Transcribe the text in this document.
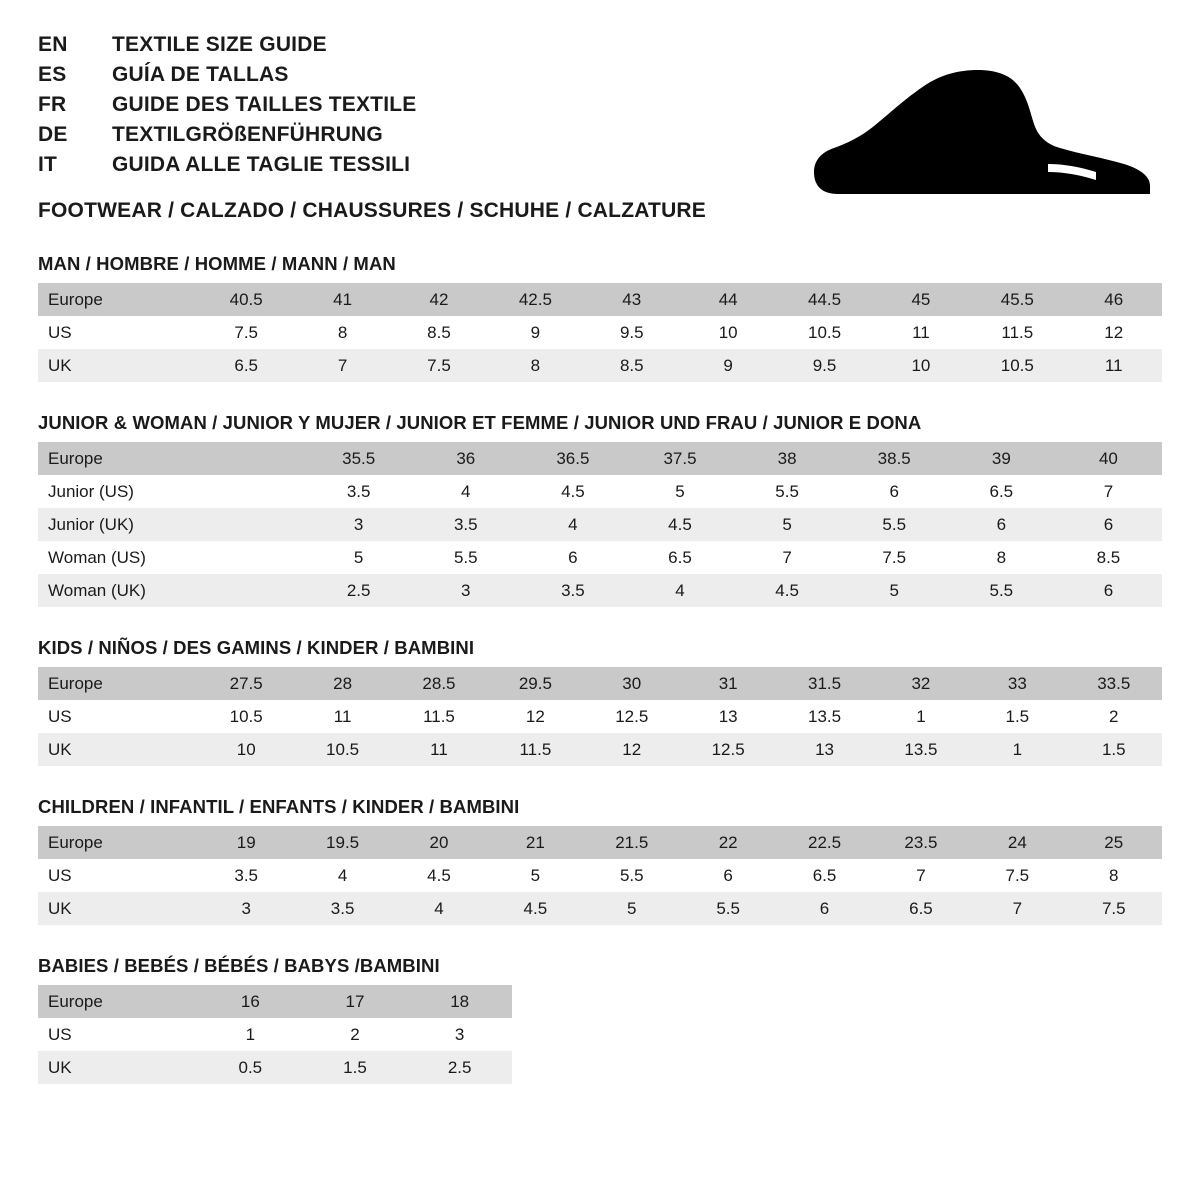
EN	TEXTILE SIZE GUIDE
ES	GUÍA DE TALLAS
FR	GUIDE DES TAILLES TEXTILE
DE	TEXTILGRÖßENFÜHRUNG
IT	GUIDA ALLE TAGLIE TESSILI
FOOTWEAR / CALZADO / CHAUSSURES / SCHUHE / CALZATURE
MAN / HOMBRE / HOMME / MANN / MAN
Europe	40.5	41	42	42.5	43	44	44.5	45	45.5	46
US	7.5	8	8.5	9	9.5	10	10.5	11	11.5	12
UK	6.5	7	7.5	8	8.5	9	9.5	10	10.5	11
JUNIOR & WOMAN / JUNIOR Y MUJER / JUNIOR ET FEMME / JUNIOR UND FRAU / JUNIOR E DONA
Europe		35.5	36	36.5	37.5	38	38.5	39	40
Junior (US)		3.5	4	4.5	5	5.5	6	6.5	7
Junior (UK)		3	3.5	4	4.5	5	5.5	6	6
Woman (US)		5	5.5	6	6.5	7	7.5	8	8.5
Woman (UK)		2.5	3	3.5	4	4.5	5	5.5	6
KIDS / NIÑOS / DES GAMINS / KINDER / BAMBINI
Europe	27.5	28	28.5	29.5	30	31	31.5	32	33	33.5
US	10.5	11	11.5	12	12.5	13	13.5	1	1.5	2
UK	10	10.5	11	11.5	12	12.5	13	13.5	1	1.5
CHILDREN / INFANTIL / ENFANTS / KINDER / BAMBINI
Europe	19	19.5	20	21	21.5	22	22.5	23.5	24	25
US	3.5	4	4.5	5	5.5	6	6.5	7	7.5	8
UK	3	3.5	4	4.5	5	5.5	6	6.5	7	7.5
BABIES / BEBÉS / BÉBÉS / BABYS /BAMBINI
Europe	16	17	18
US	1	2	3
UK	0.5	1.5	2.5
